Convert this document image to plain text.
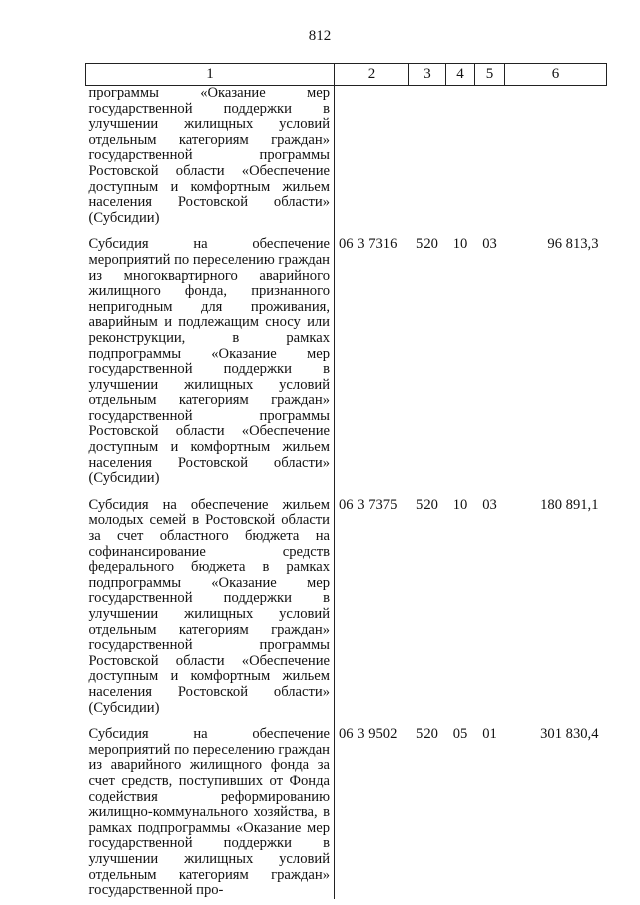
812
1	2	3	4	5	6
программы «Оказание мер государственной поддержки в улучшении жилищных условий отдельным категориям граждан» государственной программы Ростовской области «Обеспечение доступным и комфортным жильем населения Ростовской области» (Субсидии)					

Субсидия на обеспечение мероприятий по переселению граждан из многоквартирного аварийного жилищного фонда, признанного непригодным для проживания, аварийным и подлежащим сносу или реконструкции, в рамках подпрограммы «Оказание мер государственной поддержки в улучшении жилищных условий отдельным категориям граждан» государственной программы Ростовской области «Обеспечение доступным и комфортным жильем населения Ростовской области» (Субсидии)	06 3 7316	520	10	03	96 813,3

Субсидия на обеспечение жильем молодых семей в Ростовской области за счет областного бюджета на софинансирование средств федерального бюджета в рамках подпрограммы «Оказание мер государственной поддержки в улучшении жилищных условий отдельным категориям граждан» государственной программы Ростовской области «Обеспечение доступным и комфортным жильем населения Ростовской области» (Субсидии)	06 3 7375	520	10	03	180 891,1

Субсидия на обеспечение мероприятий по переселению граждан из аварийного жилищного фонда за счет средств, поступивших от Фонда содействия реформированию жилищно-коммунального хозяйства, в рамках подпрограммы «Оказание мер государственной поддержки в улучшении жилищных условий отдельным категориям граждан» государственной про-	06 3 9502	520	05	01	301 830,4
